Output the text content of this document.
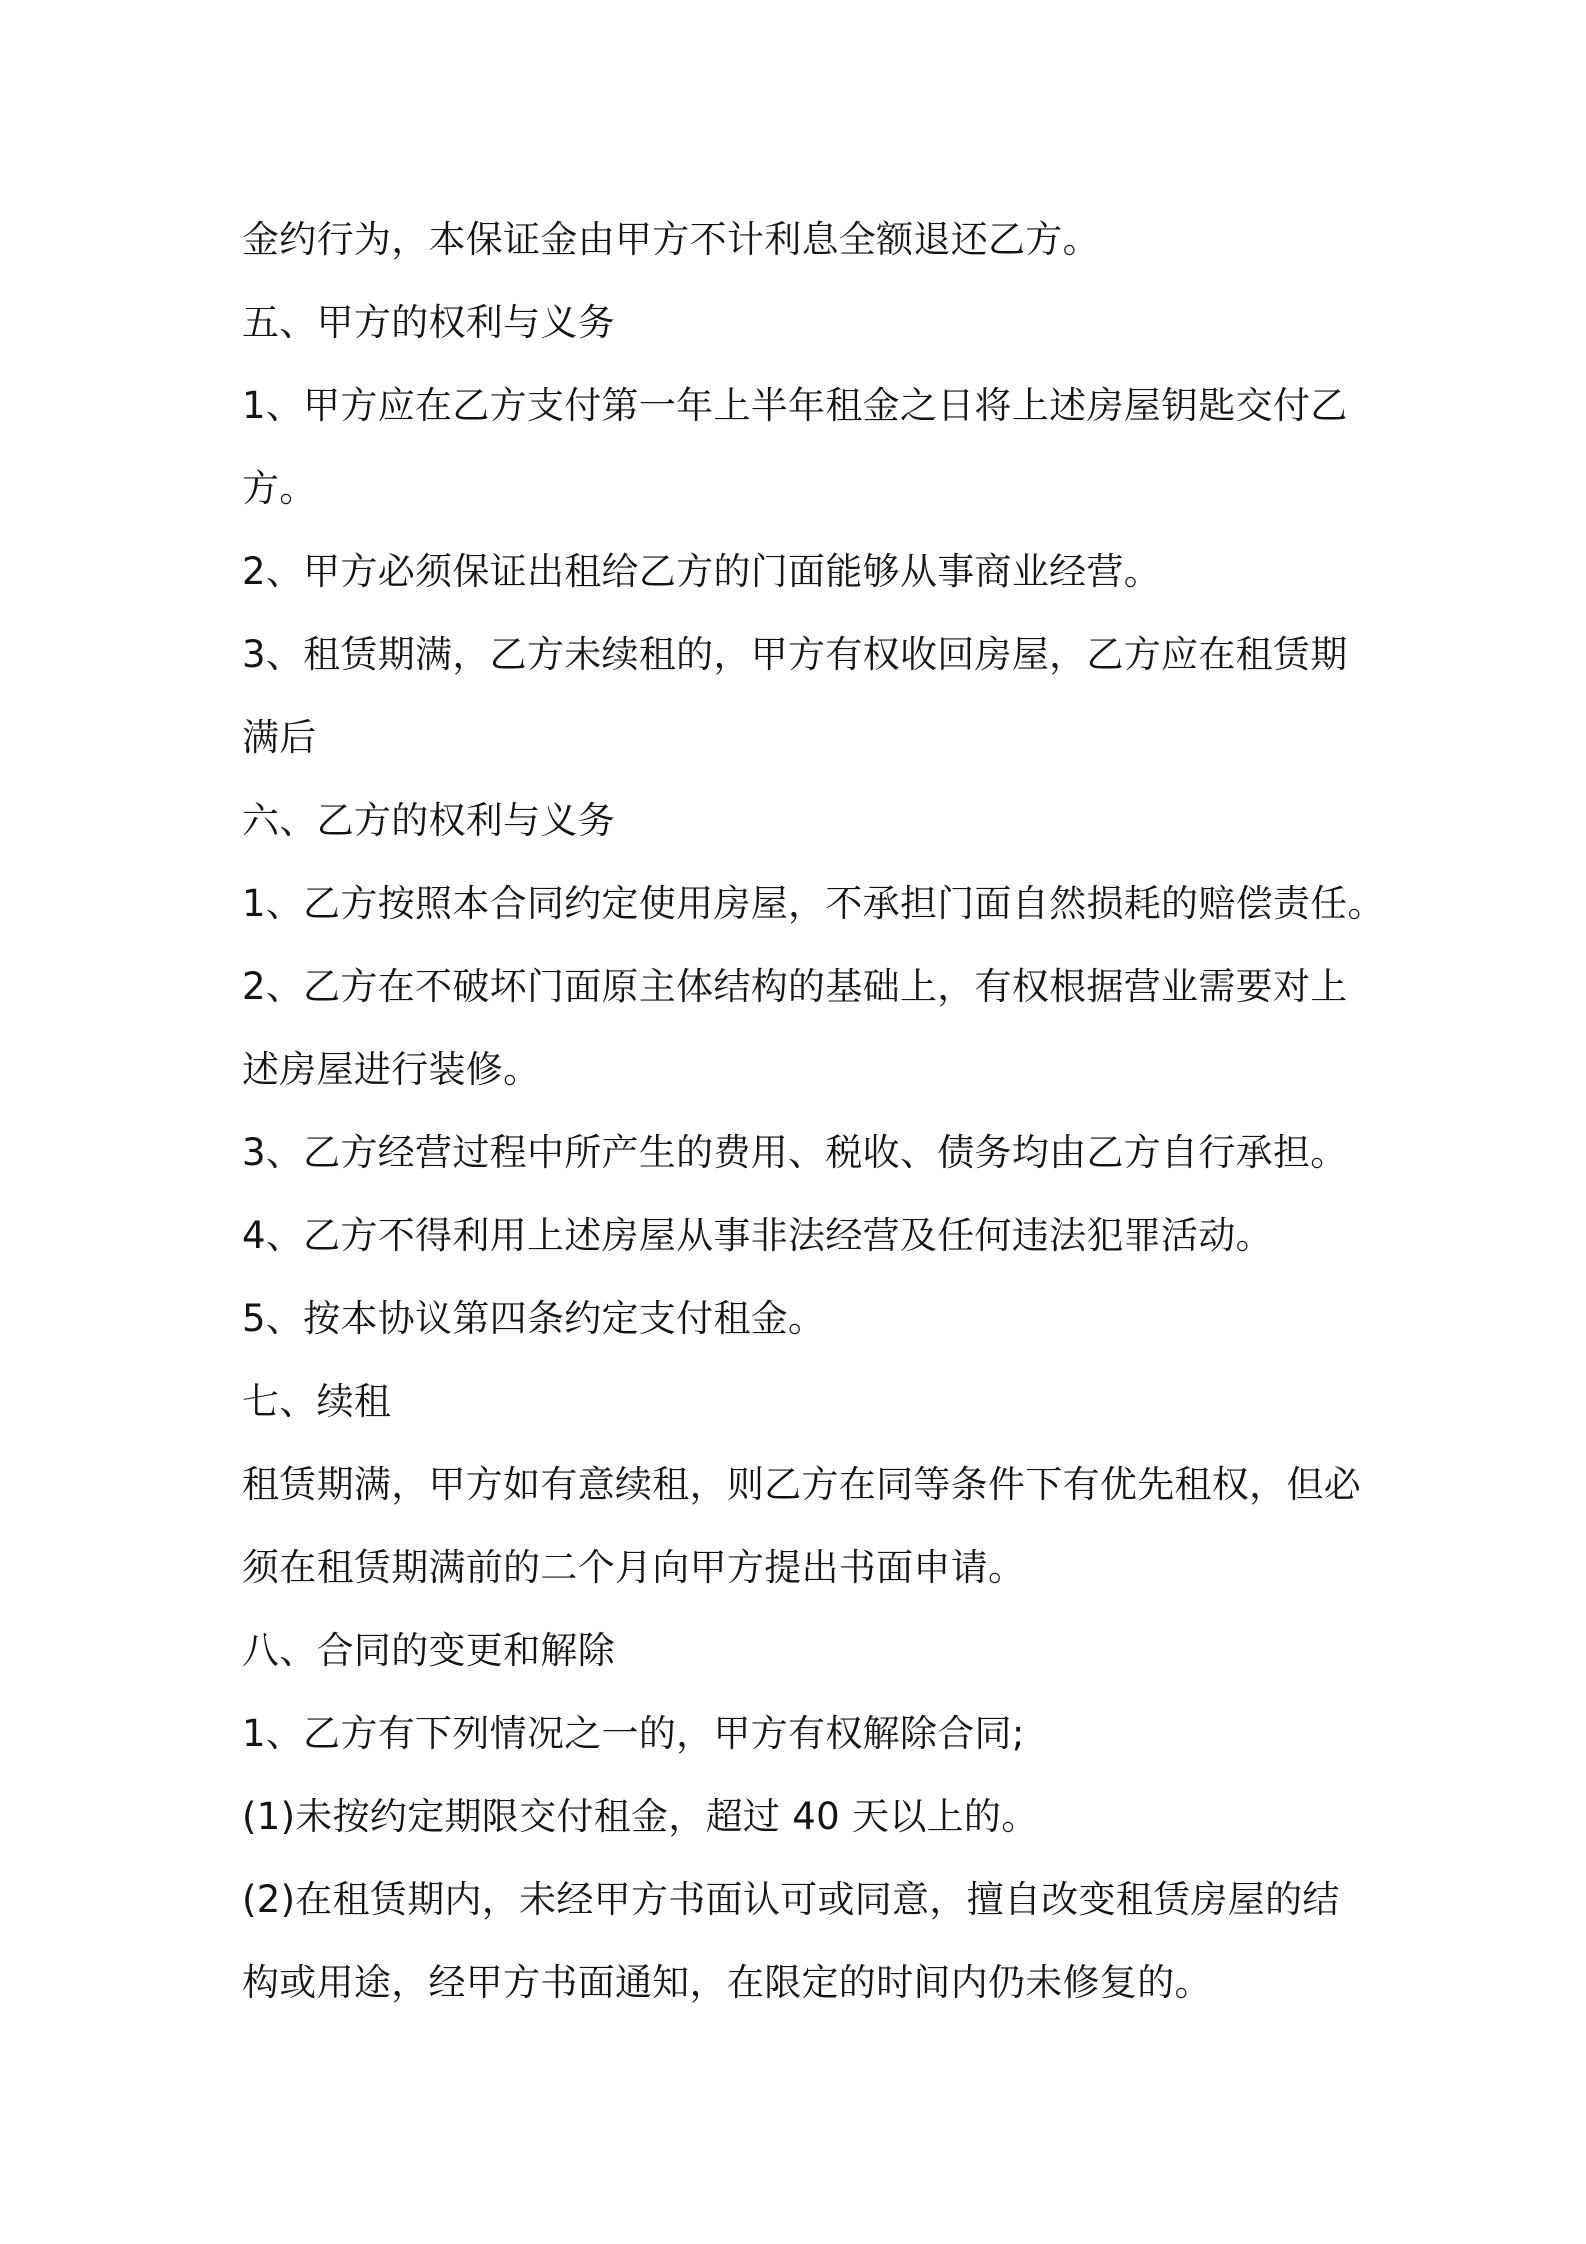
金约行为，本保证金由甲方不计利息全额退还乙方。
五、甲方的权利与义务
1、甲方应在乙方支付第一年上半年租金之日将上述房屋钥匙交付乙
方。
2、甲方必须保证出租给乙方的门面能够从事商业经营。
3、租赁期满，乙方未续租的，甲方有权收回房屋，乙方应在租赁期
满后
六、乙方的权利与义务
1、乙方按照本合同约定使用房屋，不承担门面自然损耗的赔偿责任。
2、乙方在不破坏门面原主体结构的基础上，有权根据营业需要对上
述房屋进行装修。
3、乙方经营过程中所产生的费用、税收、债务均由乙方自行承担。
4、乙方不得利用上述房屋从事非法经营及任何违法犯罪活动。
5、按本协议第四条约定支付租金。
七、续租
租赁期满，甲方如有意续租，则乙方在同等条件下有优先租权，但必
须在租赁期满前的二个月向甲方提出书面申请。
八、合同的变更和解除
1、乙方有下列情况之一的，甲方有权解除合同;
(1)未按约定期限交付租金，超过 40 天以上的。
(2)在租赁期内，未经甲方书面认可或同意，擅自改变租赁房屋的结
构或用途，经甲方书面通知，在限定的时间内仍未修复的。
